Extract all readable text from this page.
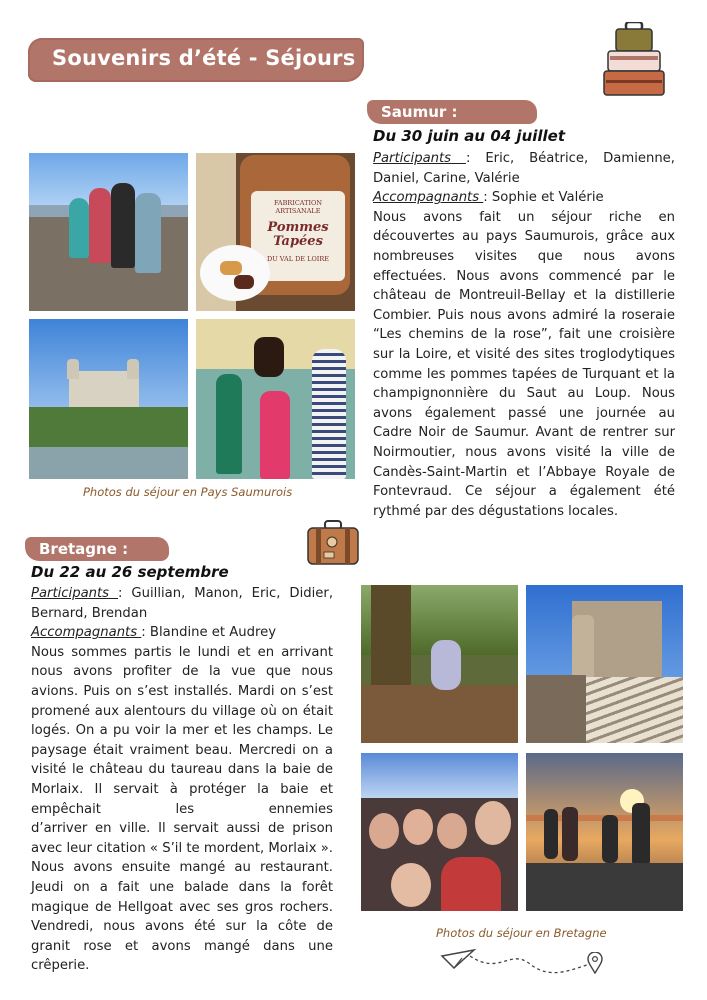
Souvenirs d’été - Séjours
Saumur :
Du 30 juin au 04 juillet
Participants : Eric, Béatrice, Damienne, Daniel, Carine, Valérie
Accompagnants : Sophie et Valérie
Nous avons fait un séjour riche en découvertes au pays Saumurois, grâce aux nombreuses visites que nous avons effectuées. Nous avons commencé par le château de Montreuil-Bellay et la distillerie Combier. Puis nous avons admiré la roseraie “Les chemins de la rose”, fait une croisière sur la Loire, et visité des sites troglodytiques comme les pommes tapées de Turquant et la champignonnière du Saut au Loup. Nous avons également passé une journée au Cadre Noir de Saumur. Avant de rentrer sur Noirmoutier, nous avons visité la ville de Candès-Saint-Martin et l’Abbaye Royale de Fontevraud. Ce séjour a également été rythmé par des dégustations locales.
FABRICATION ARTISANALE
Pommes Tapées
DU VAL DE LOIRE
Photos du séjour en Pays Saumurois
Bretagne :
Du 22 au 26 septembre
Participants : Guillian, Manon, Eric, Didier, Bernard, Brendan
Accompagnants : Blandine et Audrey
Nous sommes partis le lundi et en arrivant nous avons profiter de la vue que nous avions. Puis on s’est installés. Mardi on s’est promené aux alentours du village où on était logés. On a pu voir la mer et les champs. Le paysage était vraiment beau. Mercredi on a visité le château du taureau dans la baie de Morlaix. Il servait à protéger la baie et empêchait les ennemies
d’arriver en ville. Il servait aussi de prison avec leur citation « S’il te mordent, Morlaix ». Nous avons ensuite mangé au restaurant. Jeudi on a fait une balade dans la forêt magique de Hellgoat avec ses gros rochers. Vendredi, nous avons été sur la côte de granit rose et avons mangé dans une crêperie.
Photos du séjour en Bretagne
